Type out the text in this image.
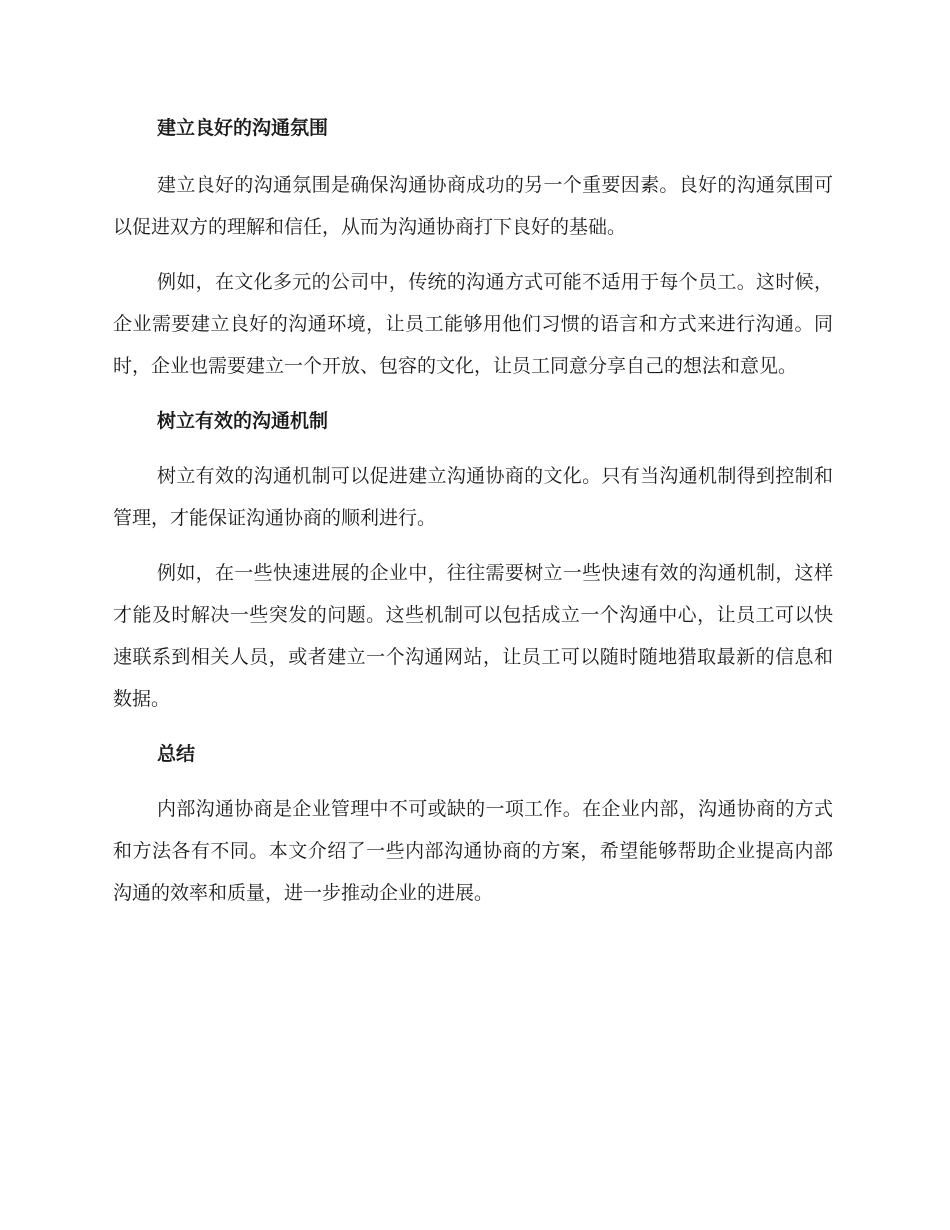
建立良好的沟通氛围

建立良好的沟通氛围是确保沟通协商成功的另一个重要因素。良好的沟通氛围可以促进双方的理解和信任，从而为沟通协商打下良好的基础。

例如，在文化多元的公司中，传统的沟通方式可能不适用于每个员工。这时候，企业需要建立良好的沟通环境，让员工能够用他们习惯的语言和方式来进行沟通。同时，企业也需要建立一个开放、包容的文化，让员工同意分享自己的想法和意见。

树立有效的沟通机制

树立有效的沟通机制可以促进建立沟通协商的文化。只有当沟通机制得到控制和管理，才能保证沟通协商的顺利进行。

例如，在一些快速进展的企业中，往往需要树立一些快速有效的沟通机制，这样才能及时解决一些突发的问题。这些机制可以包括成立一个沟通中心，让员工可以快速联系到相关人员，或者建立一个沟通网站，让员工可以随时随地猎取最新的信息和数据。

总结

内部沟通协商是企业管理中不可或缺的一项工作。在企业内部，沟通协商的方式和方法各有不同。本文介绍了一些内部沟通协商的方案，希望能够帮助企业提高内部沟通的效率和质量，进一步推动企业的进展。
